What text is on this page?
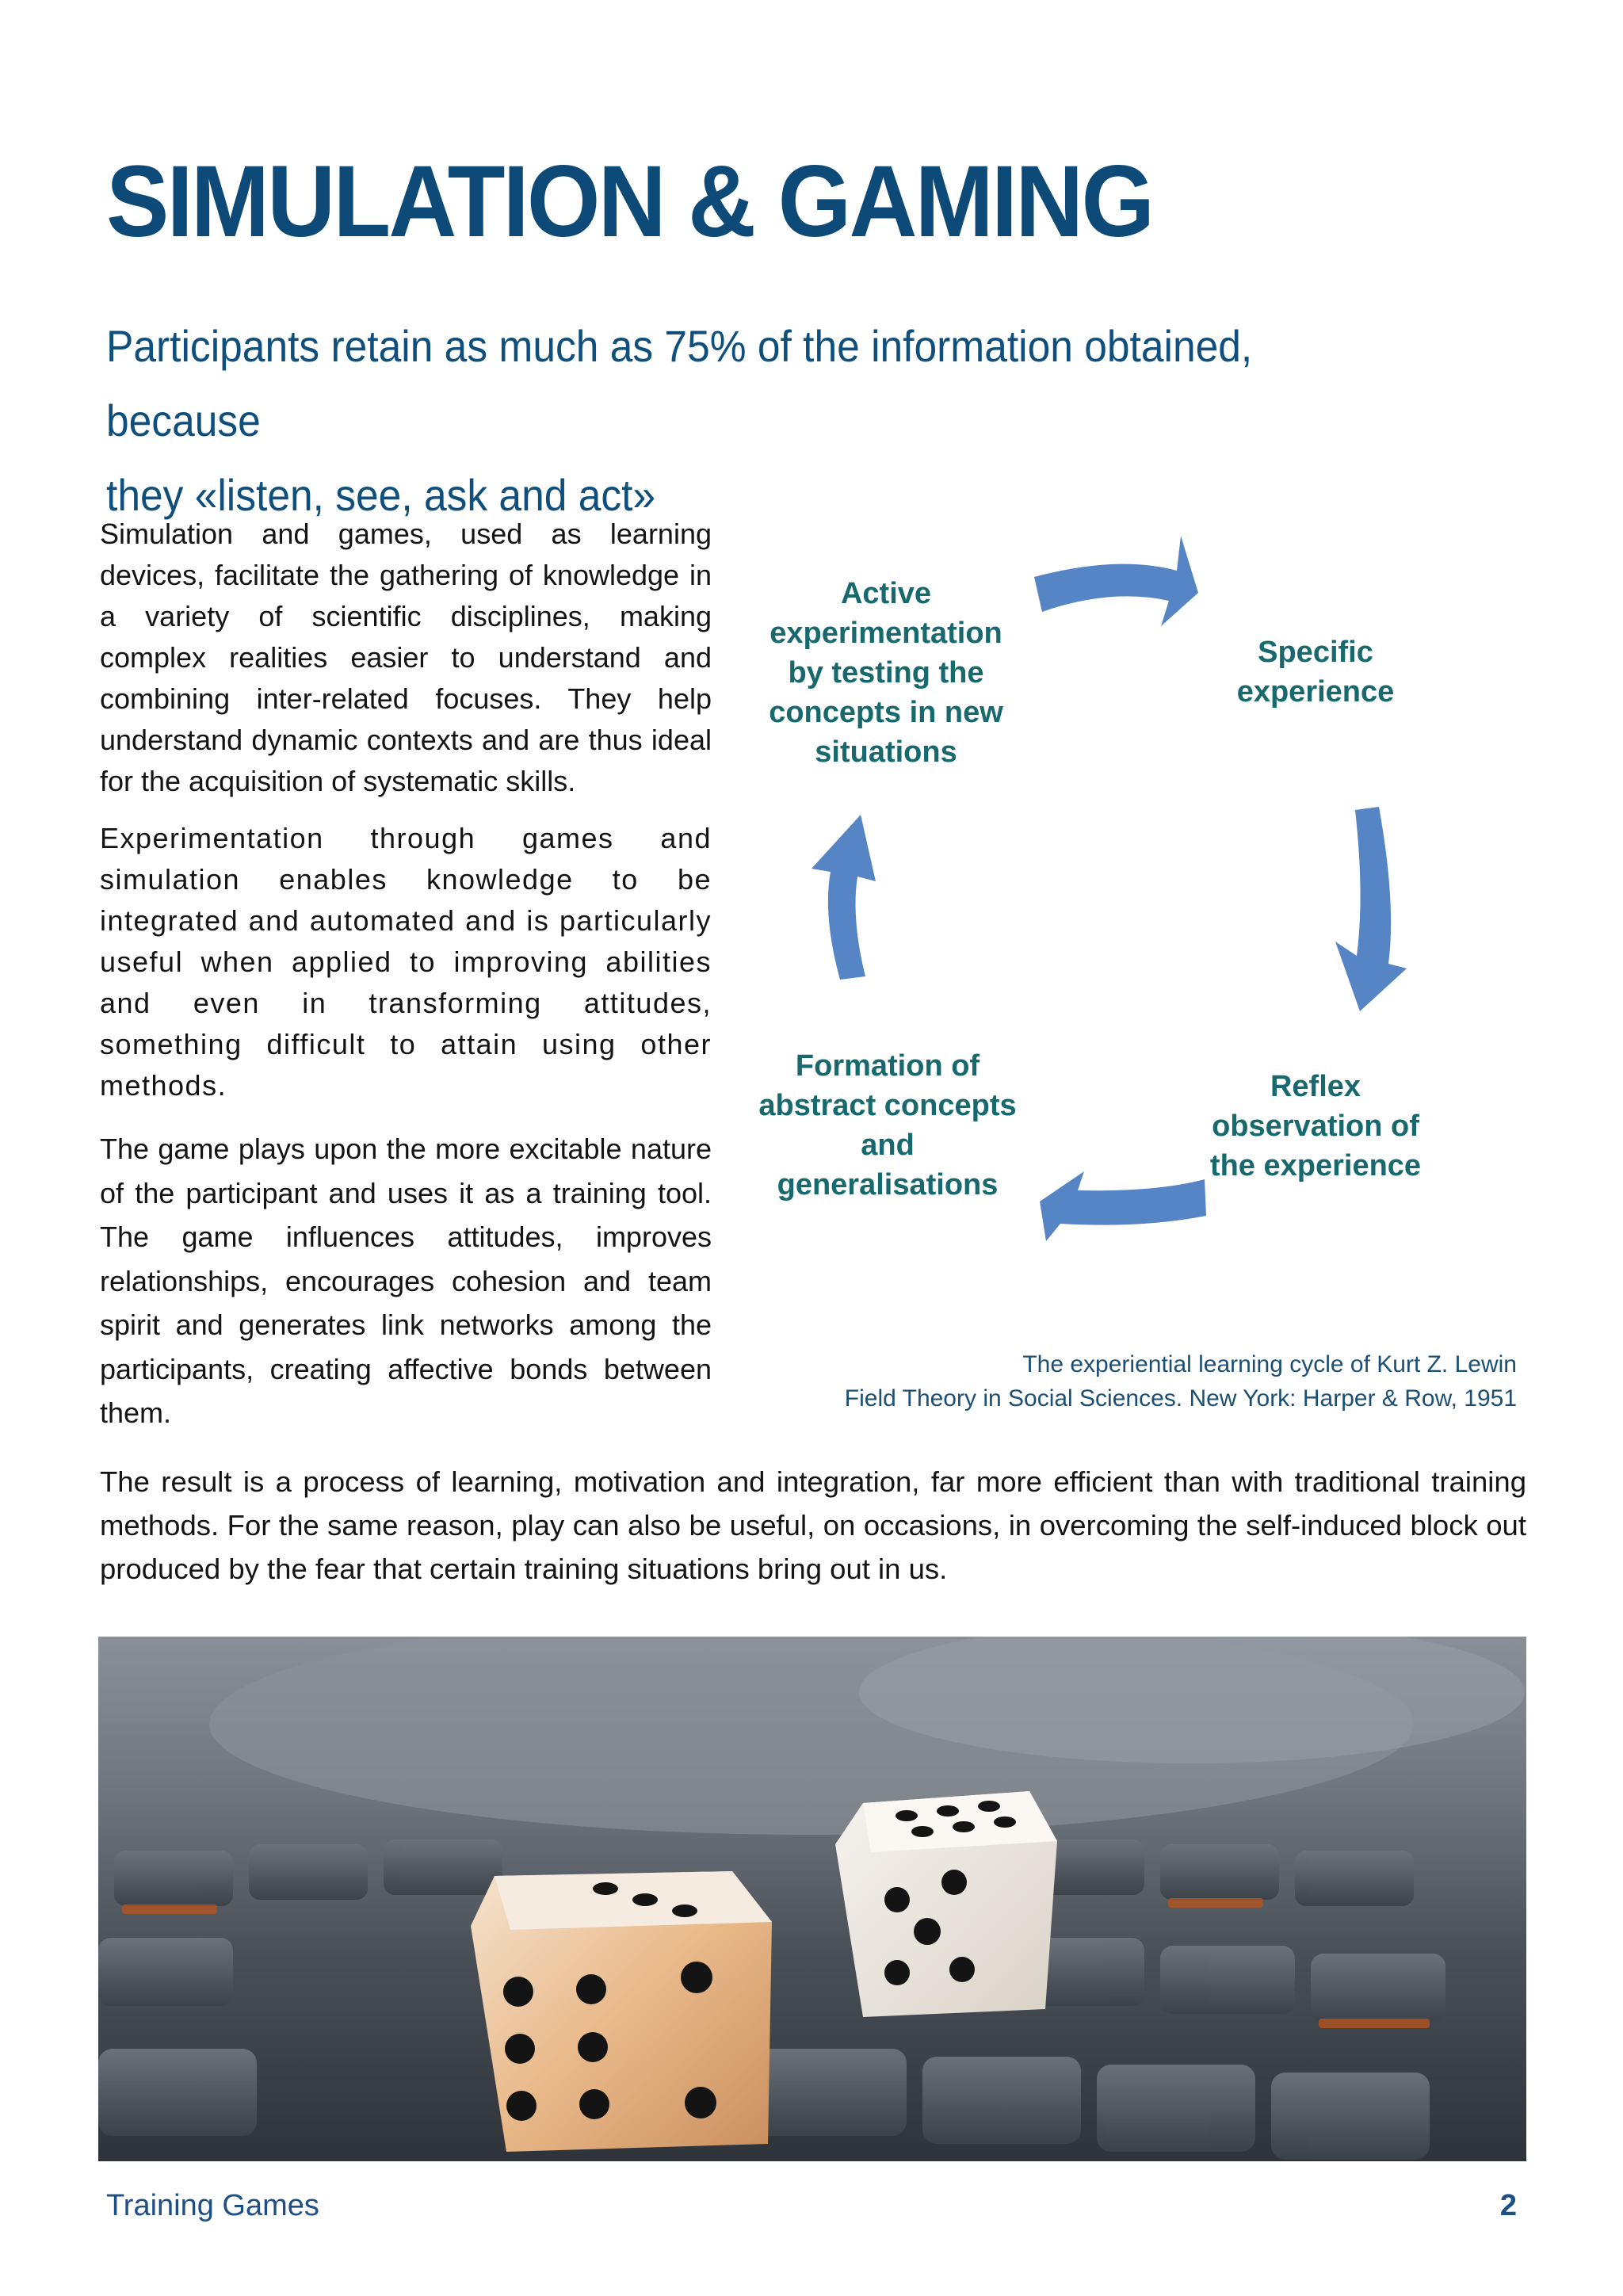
SIMULATION & GAMING
Participants retain as much as 75% of the information obtained, because
they «listen, see, ask and act»

Simulation and games, used as learning devices, facilitate the gathering of knowledge in a variety of scientific disciplines, making complex realities easier to understand and combining inter-related focuses. They help understand dynamic contexts and are thus ideal for the acquisition of systematic skills.

Experimentation through games and simulation enables knowledge to be integrated and automated and is particularly useful when applied to improving abilities and even in transforming attitudes, something difficult to attain using other methods.

The game plays upon the more excitable nature of the participant and uses it as a training tool. The game influences attitudes, improves relationships, encourages cohesion and team spirit and generates link networks among the participants, creating affective bonds between them.

Active
experimentation
by testing the
concepts in new
situations
Specific
experience
Reflex
observation of
the experience
Formation of
abstract concepts
and
generalisations
The experiential learning cycle of Kurt Z. Lewin
Field Theory in Social Sciences. New York: Harper & Row, 1951

The result is a process of learning, motivation and integration, far more efficient than with traditional training methods. For the same reason, play can also be useful, on occasions, in overcoming the self-induced block out produced by the fear that certain training situations bring out in us.

Training Games	2
